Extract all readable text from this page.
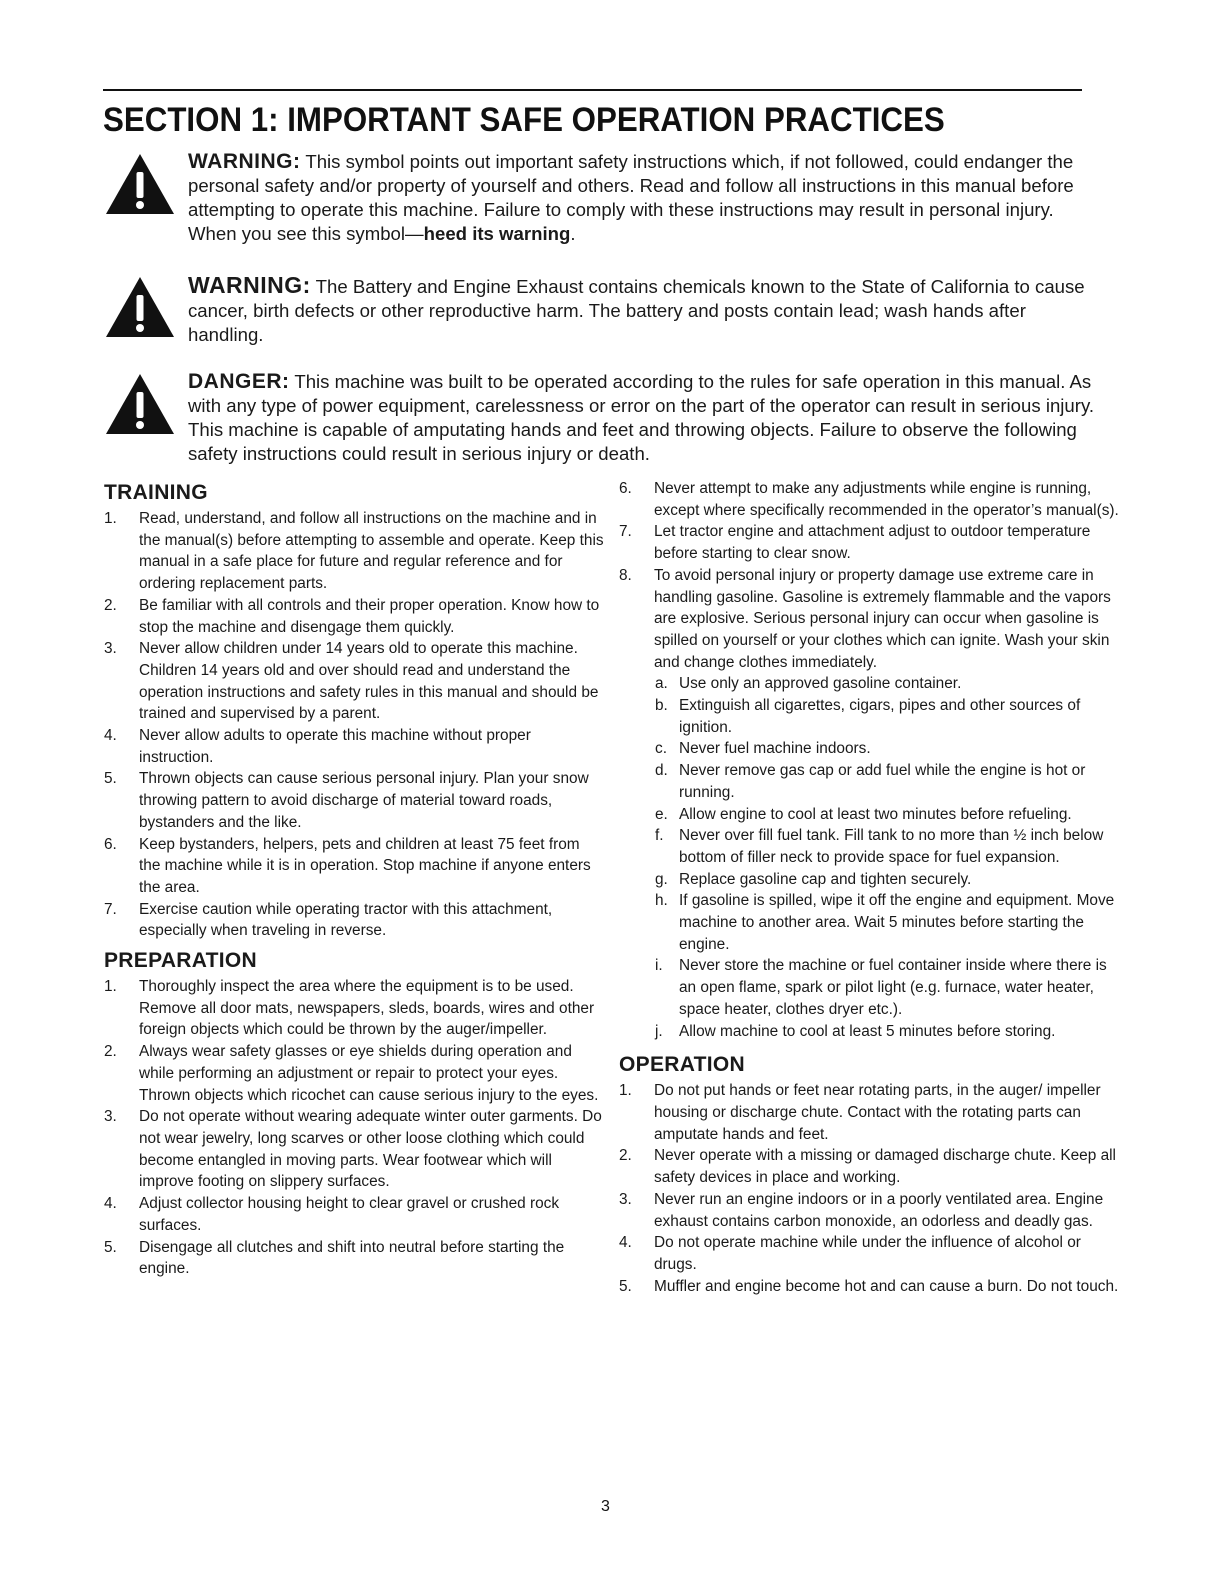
SECTION 1: IMPORTANT SAFE OPERATION PRACTICES
WARNING: This symbol points out important safety instructions which, if not followed, could endanger the personal safety and/or property of yourself and others. Read and follow all instructions in this manual before attempting to operate this machine. Failure to comply with these instructions may result in personal injury. When you see this symbol—heed its warning.
WARNING: The Battery and Engine Exhaust contains chemicals known to the State of California to cause cancer, birth defects or other reproductive harm. The battery and posts contain lead; wash hands after handling.
DANGER: This machine was built to be operated according to the rules for safe operation in this manual. As with any type of power equipment, carelessness or error on the part of the operator can result in serious injury. This machine is capable of amputating hands and feet and throwing objects. Failure to observe the following safety instructions could result in serious injury or death.
TRAINING
1. Read, understand, and follow all instructions on the machine and in the manual(s) before attempting to assemble and operate. Keep this manual in a safe place for future and regular reference and for ordering replacement parts.
2. Be familiar with all controls and their proper operation. Know how to stop the machine and disengage them quickly.
3. Never allow children under 14 years old to operate this machine. Children 14 years old and over should read and understand the operation instructions and safety rules in this manual and should be trained and supervised by a parent.
4. Never allow adults to operate this machine without proper instruction.
5. Thrown objects can cause serious personal injury. Plan your snow throwing pattern to avoid discharge of material toward roads, bystanders and the like.
6. Keep bystanders, helpers, pets and children at least 75 feet from the machine while it is in operation. Stop machine if anyone enters the area.
7. Exercise caution while operating tractor with this attachment, especially when traveling in reverse.
PREPARATION
1. Thoroughly inspect the area where the equipment is to be used. Remove all door mats, newspapers, sleds, boards, wires and other foreign objects which could be thrown by the auger/impeller.
2. Always wear safety glasses or eye shields during operation and while performing an adjustment or repair to protect your eyes. Thrown objects which ricochet can cause serious injury to the eyes.
3. Do not operate without wearing adequate winter outer garments. Do not wear jewelry, long scarves or other loose clothing which could become entangled in moving parts. Wear footwear which will improve footing on slippery surfaces.
4. Adjust collector housing height to clear gravel or crushed rock surfaces.
5. Disengage all clutches and shift into neutral before starting the engine.
6. Never attempt to make any adjustments while engine is running, except where specifically recommended in the operator’s manual(s).
7. Let tractor engine and attachment adjust to outdoor temperature before starting to clear snow.
8. To avoid personal injury or property damage use extreme care in handling gasoline. Gasoline is extremely flammable and the vapors are explosive. Serious personal injury can occur when gasoline is spilled on yourself or your clothes which can ignite. Wash your skin and change clothes immediately.
a. Use only an approved gasoline container.
b. Extinguish all cigarettes, cigars, pipes and other sources of ignition.
c. Never fuel machine indoors.
d. Never remove gas cap or add fuel while the engine is hot or running.
e. Allow engine to cool at least two minutes before refueling.
f. Never over fill fuel tank. Fill tank to no more than ½ inch below bottom of filler neck to provide space for fuel expansion.
g. Replace gasoline cap and tighten securely.
h. If gasoline is spilled, wipe it off the engine and equipment. Move machine to another area. Wait 5 minutes before starting the engine.
i. Never store the machine or fuel container inside where there is an open flame, spark or pilot light (e.g. furnace, water heater, space heater, clothes dryer etc.).
j. Allow machine to cool at least 5 minutes before storing.
OPERATION
1. Do not put hands or feet near rotating parts, in the auger/ impeller housing or discharge chute. Contact with the rotating parts can amputate hands and feet.
2. Never operate with a missing or damaged discharge chute. Keep all safety devices in place and working.
3. Never run an engine indoors or in a poorly ventilated area. Engine exhaust contains carbon monoxide, an odorless and deadly gas.
4. Do not operate machine while under the influence of alcohol or drugs.
5. Muffler and engine become hot and can cause a burn. Do not touch.
3
